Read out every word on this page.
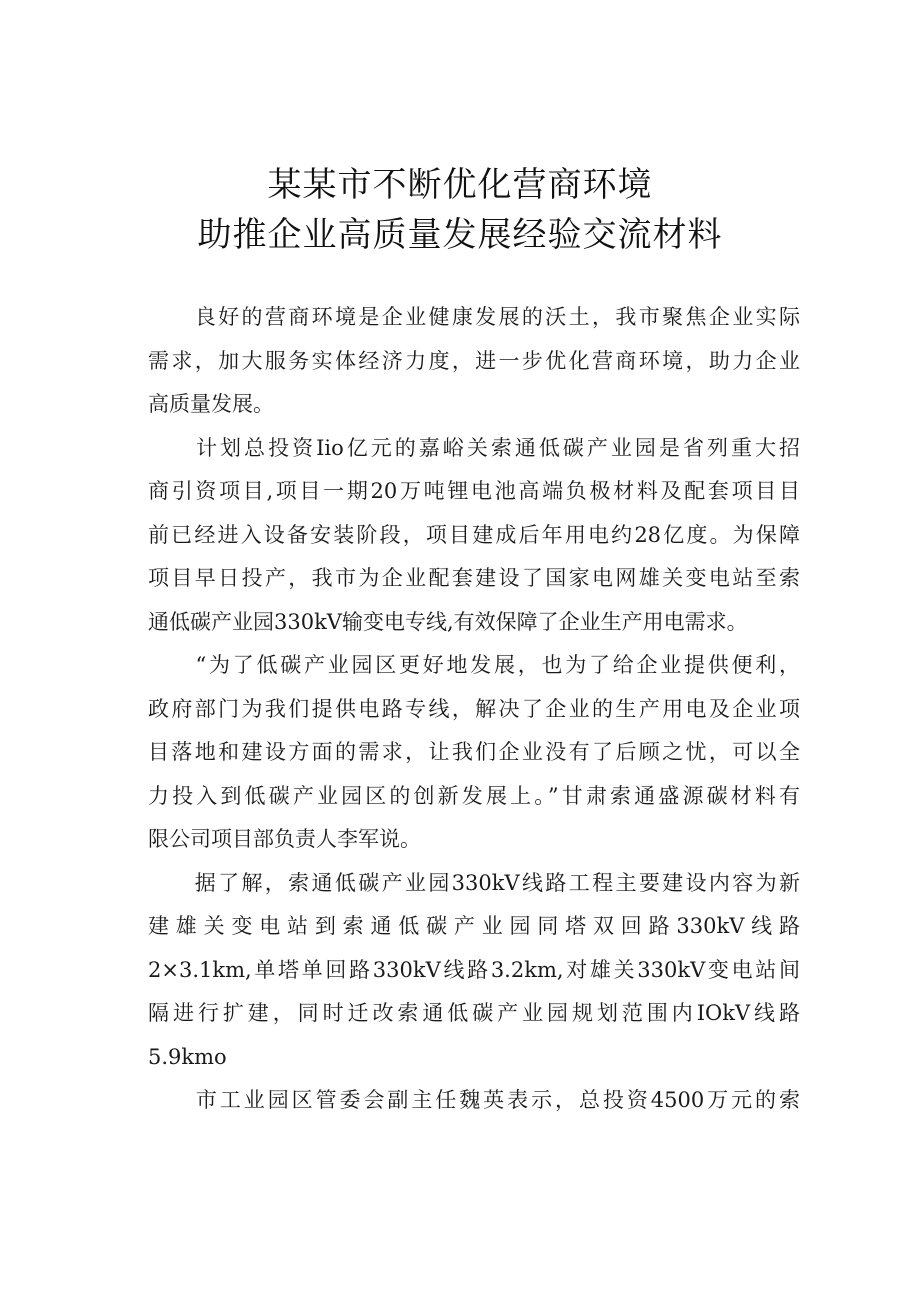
某某市不断优化营商环境
助推企业高质量发展经验交流材料
　　良好的营商环境是企业健康发展的沃土，我市聚焦企业实际
需求，加大服务实体经济力度，进一步优化营商环境，助力企业
高质量发展。
　　计划总投资Iio亿元的嘉峪关索通低碳产业园是省列重大招
商引资项目,项目一期20万吨锂电池高端负极材料及配套项目目
前已经进入设备安装阶段，项目建成后年用电约28亿度。为保障
项目早日投产，我市为企业配套建设了国家电网雄关变电站至索
通低碳产业园330kV输变电专线,有效保障了企业生产用电需求。
　　“为了低碳产业园区更好地发展，也为了给企业提供便利，
政府部门为我们提供电路专线，解决了企业的生产用电及企业项
目落地和建设方面的需求，让我们企业没有了后顾之忧，可以全
力投入到低碳产业园区的创新发展上。”甘肃索通盛源碳材料有
限公司项目部负责人李军说。
　　据了解，索通低碳产业园330kV线路工程主要建设内容为新
建雄关变电站到索通低碳产业园同塔双回路330kV线路
2×3.1km,单塔单回路330kV线路3.2km,对雄关330kV变电站间
隔进行扩建，同时迁改索通低碳产业园规划范围内IOkV线路
5.9kmo
　　市工业园区管委会副主任魏英表示，总投资4500万元的索
